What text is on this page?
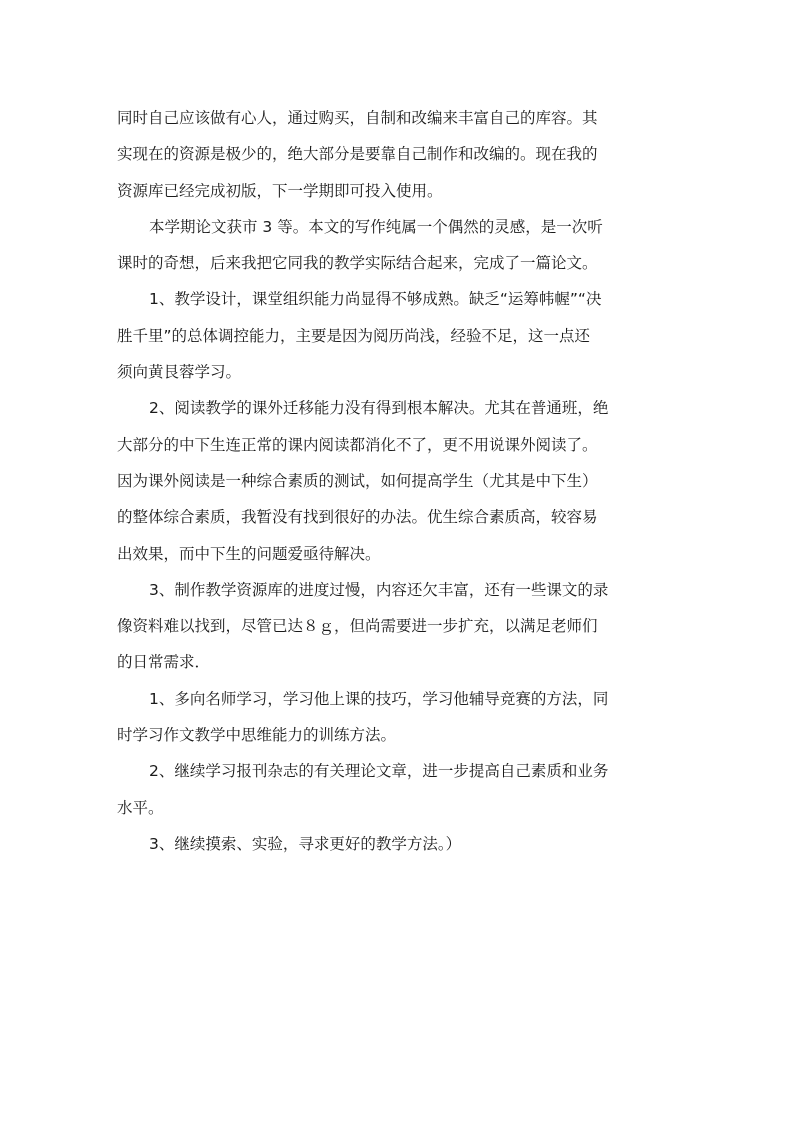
同时自己应该做有心人，通过购买，自制和改编来丰富自己的库容。其
实现在的资源是极少的，绝大部分是要靠自己制作和改编的。现在我的
资源库已经完成初版，下一学期即可投入使用。
本学期论文获市 3 等。本文的写作纯属一个偶然的灵感，是一次听
课时的奇想，后来我把它同我的教学实际结合起来，完成了一篇论文。
1、教学设计，课堂组织能力尚显得不够成熟。缺乏“运筹帏幄”“决
胜千里”的总体调控能力，主要是因为阅历尚浅，经验不足，这一点还
须向黄艮蓉学习。
2、阅读教学的课外迁移能力没有得到根本解决。尤其在普通班，绝
大部分的中下生连正常的课内阅读都消化不了，更不用说课外阅读了。
因为课外阅读是一种综合素质的测试，如何提高学生（尤其是中下生）
的整体综合素质，我暂没有找到很好的办法。优生综合素质高，较容易
出效果，而中下生的问题爱亟待解决。
3、制作教学资源库的进度过慢，内容还欠丰富，还有一些课文的录
像资料难以找到，尽管已达８ｇ，但尚需要进一步扩充，以满足老师们
的日常需求．
1、多向名师学习，学习他上课的技巧，学习他辅导竞赛的方法，同
时学习作文教学中思维能力的训练方法。
2、继续学习报刊杂志的有关理论文章，进一步提高自己素质和业务
水平。
3、继续摸索、实验，寻求更好的教学方法。）
